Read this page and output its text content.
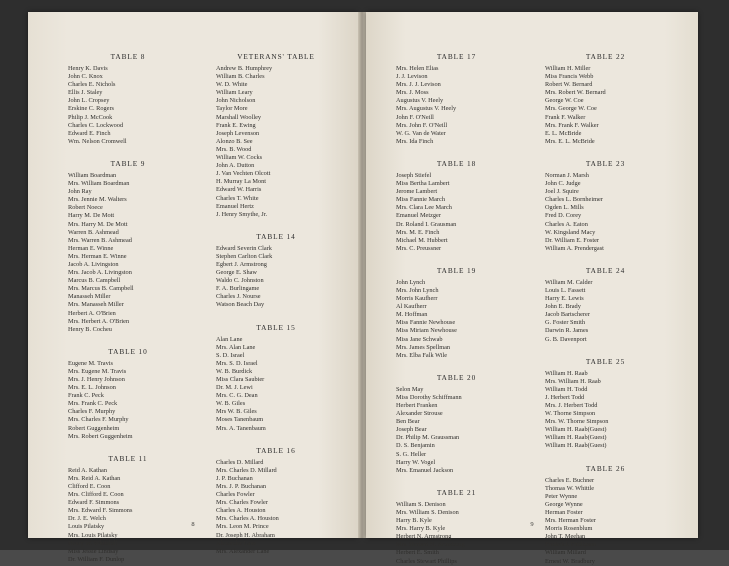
TABLE 8
Henry K. Davis
John C. Knox
Charles E. Nichols
Ellis J. Staley
John L. Cropsey
Erskine C. Rogers
Philip J. McCook
Charles C. Lockwood
Edward E. Finch
Wm. Nelson Cromwell
TABLE 9
William Boardman
Mrs. William Boardman
John Ray
Mrs. Jennie M. Walters
Robert Noece
Harry M. De Mott
Mrs. Harry M. De Mott
Warren B. Ashmead
Mrs. Warren B. Ashmead
Herman E. Winne
Mrs. Herman E. Winne
Jacob A. Livingston
Mrs. Jacob A. Livingston
Marcus B. Campbell
Mrs. Marcus B. Campbell
Manasseh Miller
Mrs. Manasseh Miller
Herbert A. O'Brien
Mrs. Herbert A. O'Brien
Henry B. Cocheu
TABLE 10
Eugene M. Travis
Mrs. Eugene M. Travis
Mrs. J. Henry Johnson
Mrs. E. L. Johnson
Frank C. Peck
Mrs. Frank C. Peck
Charles F. Murphy
Mrs. Charles F. Murphy
Robert Guggenheim
Mrs. Robert Guggenheim
TABLE 11
Reid A. Kathan
Mrs. Reid A. Kathan
Clifford E. Coon
Mrs. Clifford E. Coon
Edward F. Simmons
Mrs. Edward F. Simmons
Dr. J. E. Welch
Louis Pilatsky
Mrs. Louis Pilatsky
Henry W. Whitehill
Miss Jessie Lindsay
Dr. William F. Dunlop
VETERANS' TABLE
Andrew B. Humphrey
William B. Charles
W. D. White
William Leary
John Nicholson
Taylor More
Marshall Woolley
Frank E. Ewing
Joseph Levenson
Alonzo B. See
Mrs. B. Wood
William W. Cocks
John A. Dutton
J. Van Vechten Olcott
H. Murray La Mont
Edward W. Harris
Charles T. White
Emanuel Hertz
J. Henry Smythe, Jr.
TABLE 14
Edward Severin Clark
Stephen Carlton Clark
Egbert J. Armstrong
George E. Shaw
Waldo C. Johnston
F. A. Burlingame
Charles J. Nourse
Watson Beach Day
TABLE 15
Alan Lane
Mrs. Alan Lane
S. D. Israel
Mrs. S. D. Israel
W. B. Burdick
Miss Clara Saubier
Dr. M. J. Lewi
Mrs. C. G. Dean
W. B. Giles
Mrs W. B. Giles
Moses Tanenbaum
Mrs. A. Tanenbaum
TABLE 16
Charles D. Millard
Mrs. Charles D. Millard
J. P. Buchanan
Mrs. J. P. Buchanan
Charles Fowler
Mrs. Charles Fowler
Charles A. Houston
Mrs. Charles A. Houston
Mrs. Leon M. Prince
Dr. Joseph H. Abraham
Alexander Lane
Mrs. Alexander Lane
8
TABLE 17
Mrs. Helen Elias
J. J. Levison
Mrs. J. J. Levison
Mrs. J. Moss
Augustus V. Heely
Mrs. Augustus V. Heely
John F. O'Neill
Mrs. John F. O'Neill
W. G. Van de Water
Mrs. Ida Finch
TABLE 18
Joseph Stiefel
Miss Bertha Lambert
Jerome Lambert
Miss Fannie March
Mrs. Clara Lee March
Emanuel Metzger
Dr. Roland I. Grausman
Mrs. M. E. Finch
Michael M. Hubbert
Mrs. C. Preussner
TABLE 19
John Lynch
Mrs. John Lynch
Morris Kaufherr
Al Kaufherr
M. Hoffman
Miss Fannie Newhouse
Miss Miriam Newhouse
Miss Jane Schwab
Mrs. James Spellman
Mrs. Elba Falk Wile
TABLE 20
Selon May
Miss Dorothy Schiffmann
Herbert Franken
Alexander Strouse
Ben Bear
Joseph Bear
Dr. Philip M. Graussman
D. S. Benjamin
S. G. Heller
Harry W. Vogel
Mrs. Emanuel Jackson
TABLE 21
William S. Denison
Mrs. William S. Denison
Harry B. Kyle
Mrs. Harry B. Kyle
Herbert N. Armstrong
Mrs. Herbert N. Armstrong
Herbert E. Smith
Charles Stewart Phillips
TABLE 22
William H. Miller
Miss Francis Webb
Robert W. Bernard
Mrs. Robert W. Bernard
George W. Coe
Mrs. George W. Coe
Frank F. Walker
Mrs. Frank F. Walker
E. L. McBride
Mrs. E. L. McBride
TABLE 23
Norman J. Marsh
John C. Judge
Joel J. Squire
Charles L. Bornheimer
Ogden L. Mills
Fred D. Corey
Charles A. Eaton
W. Kingsland Macy
Dr. William E. Foster
William A. Prendergast
TABLE 24
William M. Calder
Louis L. Fassett
Harry E. Lewis
John E. Brady
Jacob Bartscherer
G. Foster Smith
Darwin R. James
G. B. Davenport
TABLE 25
William H. Raab
Mrs. William H. Raab
William H. Todd
J. Herbert Todd
Mrs. J. Herbert Todd
W. Thorne Simpson
Mrs. W. Thorne Simpson
William H. Raab(Guest)
William H. Raab(Guest)
William H. Raab(Guest)
TABLE 26
Charles E. Buchner
Thomas W. Whittle
Peter Wynne
George Wynne
Herman Foster
Mrs. Herman Foster
Morris Rosenblum
John T. Meehan
Frederick Phillipson
William Millard
Ernest W. Bradbury
9
